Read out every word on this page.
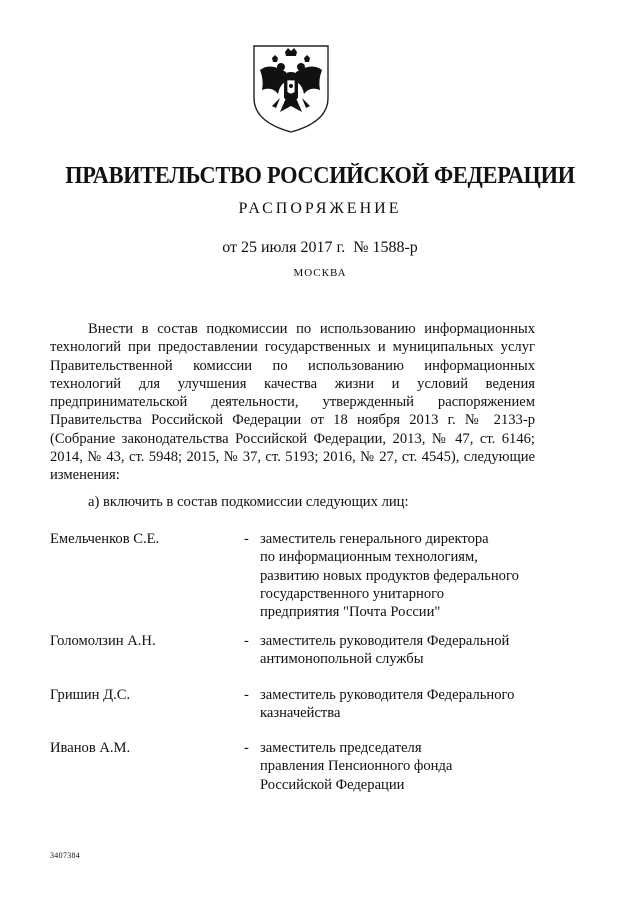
ПРАВИТЕЛЬСТВО РОССИЙСКОЙ ФЕДЕРАЦИИ
РАСПОРЯЖЕНИЕ
от 25 июля 2017 г. № 1588-р
МОСКВА

Внести в состав подкомиссии по использованию информационных технологий при предоставлении государственных и муниципальных услуг Правительственной комиссии по использованию информационных технологий для улучшения качества жизни и условий ведения предпринимательской деятельности, утвержденный распоряжением Правительства Российской Федерации от 18 ноября 2013 г. № 2133-р (Собрание законодательства Российской Федерации, 2013, № 47, ст. 6146; 2014, № 43, ст. 5948; 2015, № 37, ст. 5193; 2016, № 27, ст. 4545), следующие изменения:

а) включить в состав подкомиссии следующих лиц:
Емельченков С.Е.	- заместитель генерального директора
по информационным технологиям,
развитию новых продуктов федерального
государственного унитарного
предприятия "Почта России"
Голомолзин А.Н.	- заместитель руководителя Федеральной
антимонопольной службы
Гришин Д.С.	- заместитель руководителя Федерального
казначейства
Иванов А.М.	- заместитель председателя
правления Пенсионного фонда
Российской Федерации
3407384
